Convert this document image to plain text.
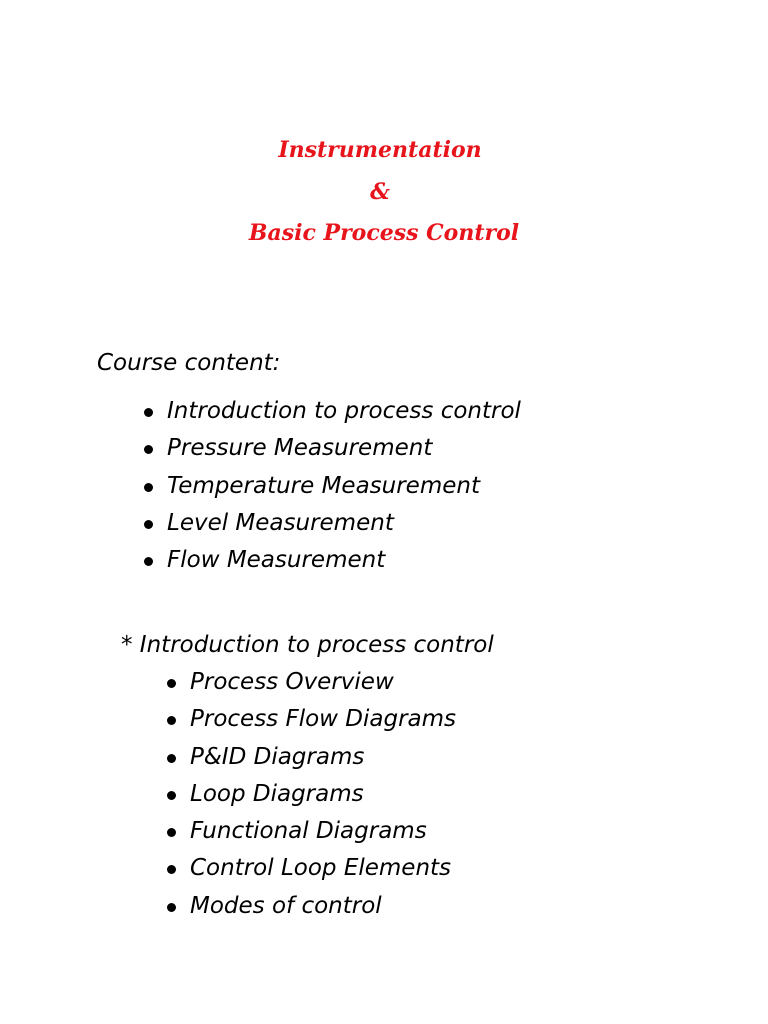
Instrumentation
&
Basic Process Control

Course content:

Introduction to process control
Pressure Measurement
Temperature Measurement
Level Measurement
Flow Measurement

* Introduction to process control

Process Overview
Process Flow Diagrams
P&ID Diagrams
Loop Diagrams
Functional Diagrams
Control Loop Elements
Modes of control
